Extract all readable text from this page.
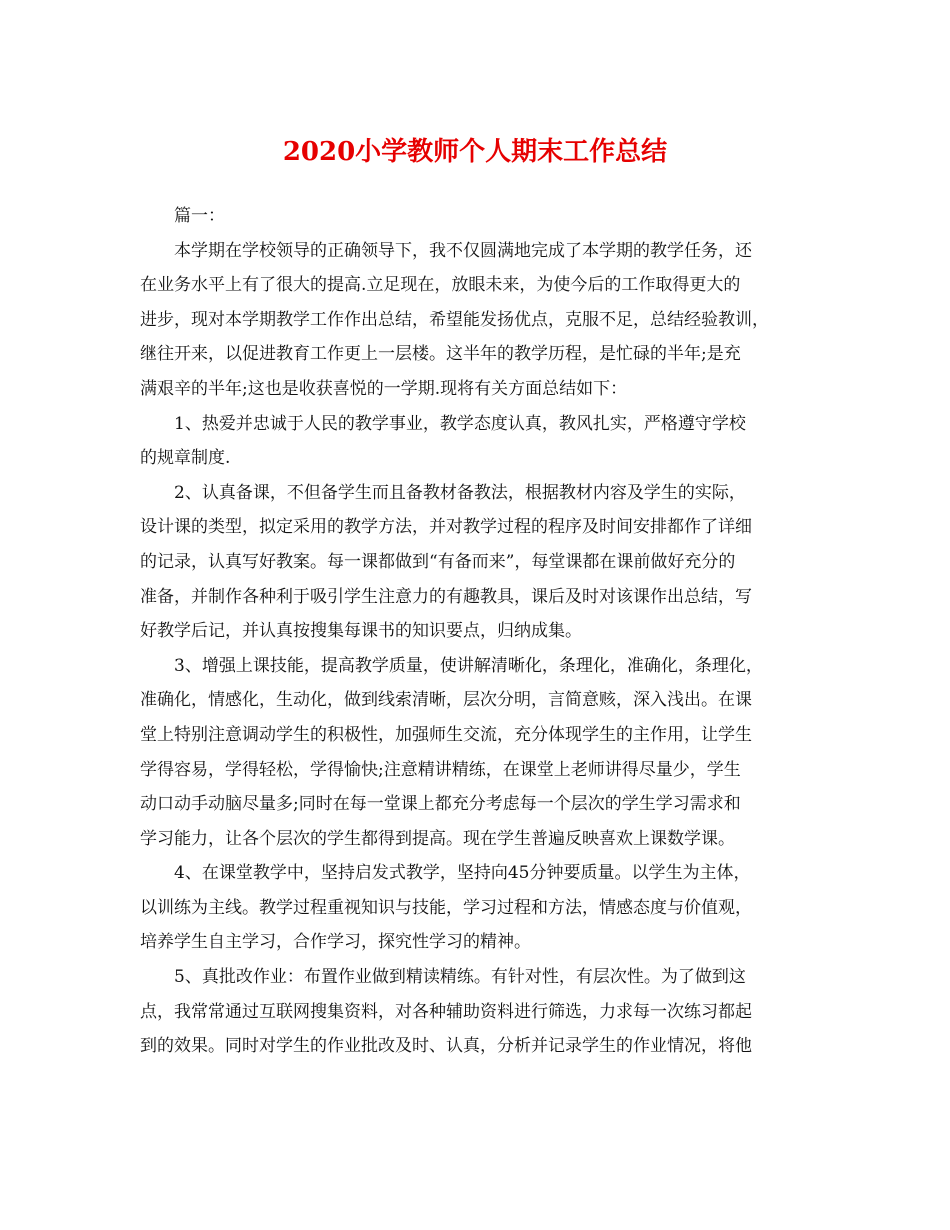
2020小学教师个人期末工作总结
篇一：
本学期在学校领导的正确领导下，我不仅圆满地完成了本学期的教学任务，还
在业务水平上有了很大的提高.立足现在，放眼未来，为使今后的工作取得更大的
进步，现对本学期教学工作作出总结，希望能发扬优点，克服不足，总结经验教训，
继往开来，以促进教育工作更上一层楼。这半年的教学历程，是忙碌的半年;是充
满艰辛的半年;这也是收获喜悦的一学期.现将有关方面总结如下：
1、热爱并忠诚于人民的教学事业，教学态度认真，教风扎实，严格遵守学校
的规章制度.
2、认真备课，不但备学生而且备教材备教法，根据教材内容及学生的实际，
设计课的类型，拟定采用的教学方法，并对教学过程的程序及时间安排都作了详细
的记录，认真写好教案。每一课都做到“有备而来”，每堂课都在课前做好充分的
准备，并制作各种利于吸引学生注意力的有趣教具，课后及时对该课作出总结，写
好教学后记，并认真按搜集每课书的知识要点，归纳成集。
3、增强上课技能，提高教学质量，使讲解清晰化，条理化，准确化，条理化，
准确化，情感化，生动化，做到线索清晰，层次分明，言简意赅，深入浅出。在课
堂上特别注意调动学生的积极性，加强师生交流，充分体现学生的主作用，让学生
学得容易，学得轻松，学得愉快;注意精讲精练，在课堂上老师讲得尽量少，学生
动口动手动脑尽量多;同时在每一堂课上都充分考虑每一个层次的学生学习需求和
学习能力，让各个层次的学生都得到提高。现在学生普遍反映喜欢上课数学课。
4、在课堂教学中，坚持启发式教学，坚持向45分钟要质量。以学生为主体，
以训练为主线。教学过程重视知识与技能，学习过程和方法，情感态度与价值观，
培养学生自主学习，合作学习，探究性学习的精神。
5、真批改作业：布置作业做到精读精练。有针对性，有层次性。为了做到这
点，我常常通过互联网搜集资料，对各种辅助资料进行筛选，力求每一次练习都起
到的效果。同时对学生的作业批改及时、认真，分析并记录学生的作业情况，将他
